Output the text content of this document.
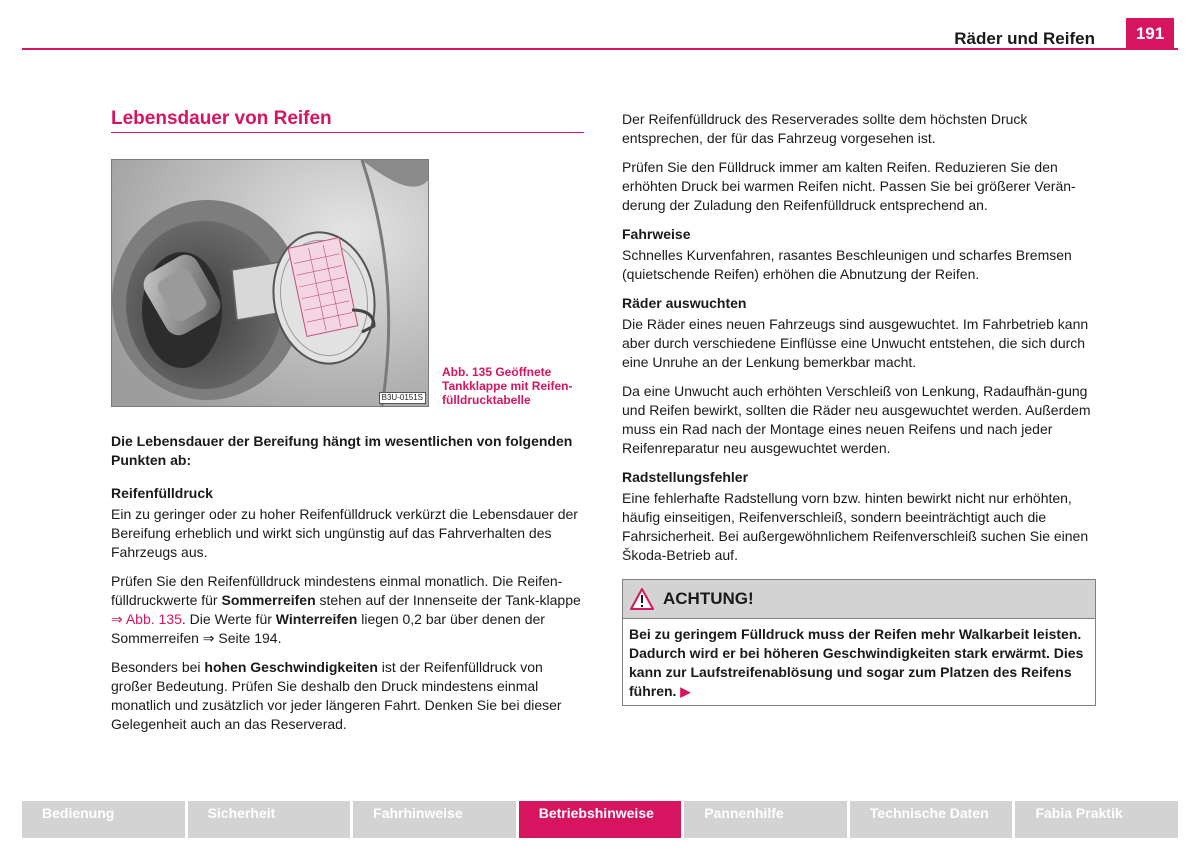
Räder und Reifen	191
Lebensdauer von Reifen
B3U-0151S
Abb. 135 Geöffnete Tankklappe mit Reifen-fülldrucktabelle

Die Lebensdauer der Bereifung hängt im wesentlichen von folgenden Punkten ab:

Reifenfülldruck

Ein zu geringer oder zu hoher Reifenfülldruck verkürzt die Lebensdauer der Bereifung erheblich und wirkt sich ungünstig auf das Fahrverhalten des Fahrzeugs aus.

Prüfen Sie den Reifenfülldruck mindestens einmal monatlich. Die Reifen-fülldruckwerte für Sommerreifen stehen auf der Innenseite der Tank-klappe ⇒ Abb. 135. Die Werte für Winterreifen liegen 0,2 bar über denen der Sommerreifen ⇒ Seite 194.

Besonders bei hohen Geschwindigkeiten ist der Reifenfülldruck von großer Bedeutung. Prüfen Sie deshalb den Druck mindestens einmal monatlich und zusätzlich vor jeder längeren Fahrt. Denken Sie bei dieser Gelegenheit auch an das Reserverad.

Der Reifenfülldruck des Reserverades sollte dem höchsten Druck entsprechen, der für das Fahrzeug vorgesehen ist.

Prüfen Sie den Fülldruck immer am kalten Reifen. Reduzieren Sie den erhöhten Druck bei warmen Reifen nicht. Passen Sie bei größerer Verän-derung der Zuladung den Reifenfülldruck entsprechend an.

Fahrweise

Schnelles Kurvenfahren, rasantes Beschleunigen und scharfes Bremsen (quietschende Reifen) erhöhen die Abnutzung der Reifen.

Räder auswuchten

Die Räder eines neuen Fahrzeugs sind ausgewuchtet. Im Fahrbetrieb kann aber durch verschiedene Einflüsse eine Unwucht entstehen, die sich durch eine Unruhe an der Lenkung bemerkbar macht.

Da eine Unwucht auch erhöhten Verschleiß von Lenkung, Radaufhän-gung und Reifen bewirkt, sollten die Räder neu ausgewuchtet werden. Außerdem muss ein Rad nach der Montage eines neuen Reifens und nach jeder Reifenreparatur neu ausgewuchtet werden.

Radstellungsfehler

Eine fehlerhafte Radstellung vorn bzw. hinten bewirkt nicht nur erhöhten, häufig einseitigen, Reifenverschleiß, sondern beeinträchtigt auch die Fahrsicherheit. Bei außergewöhnlichem Reifenverschleiß suchen Sie einen Škoda-Betrieb auf.

ACHTUNG!
Bei zu geringem Fülldruck muss der Reifen mehr Walkarbeit leisten. Dadurch wird er bei höheren Geschwindigkeiten stark erwärmt. Dies kann zur Laufstreifenablösung und sogar zum Platzen des Reifens führen. ▶
Bedienung	Sicherheit	Fahrhinweise	Betriebshinweise	Pannenhilfe	Technische Daten	Fabia Praktik
